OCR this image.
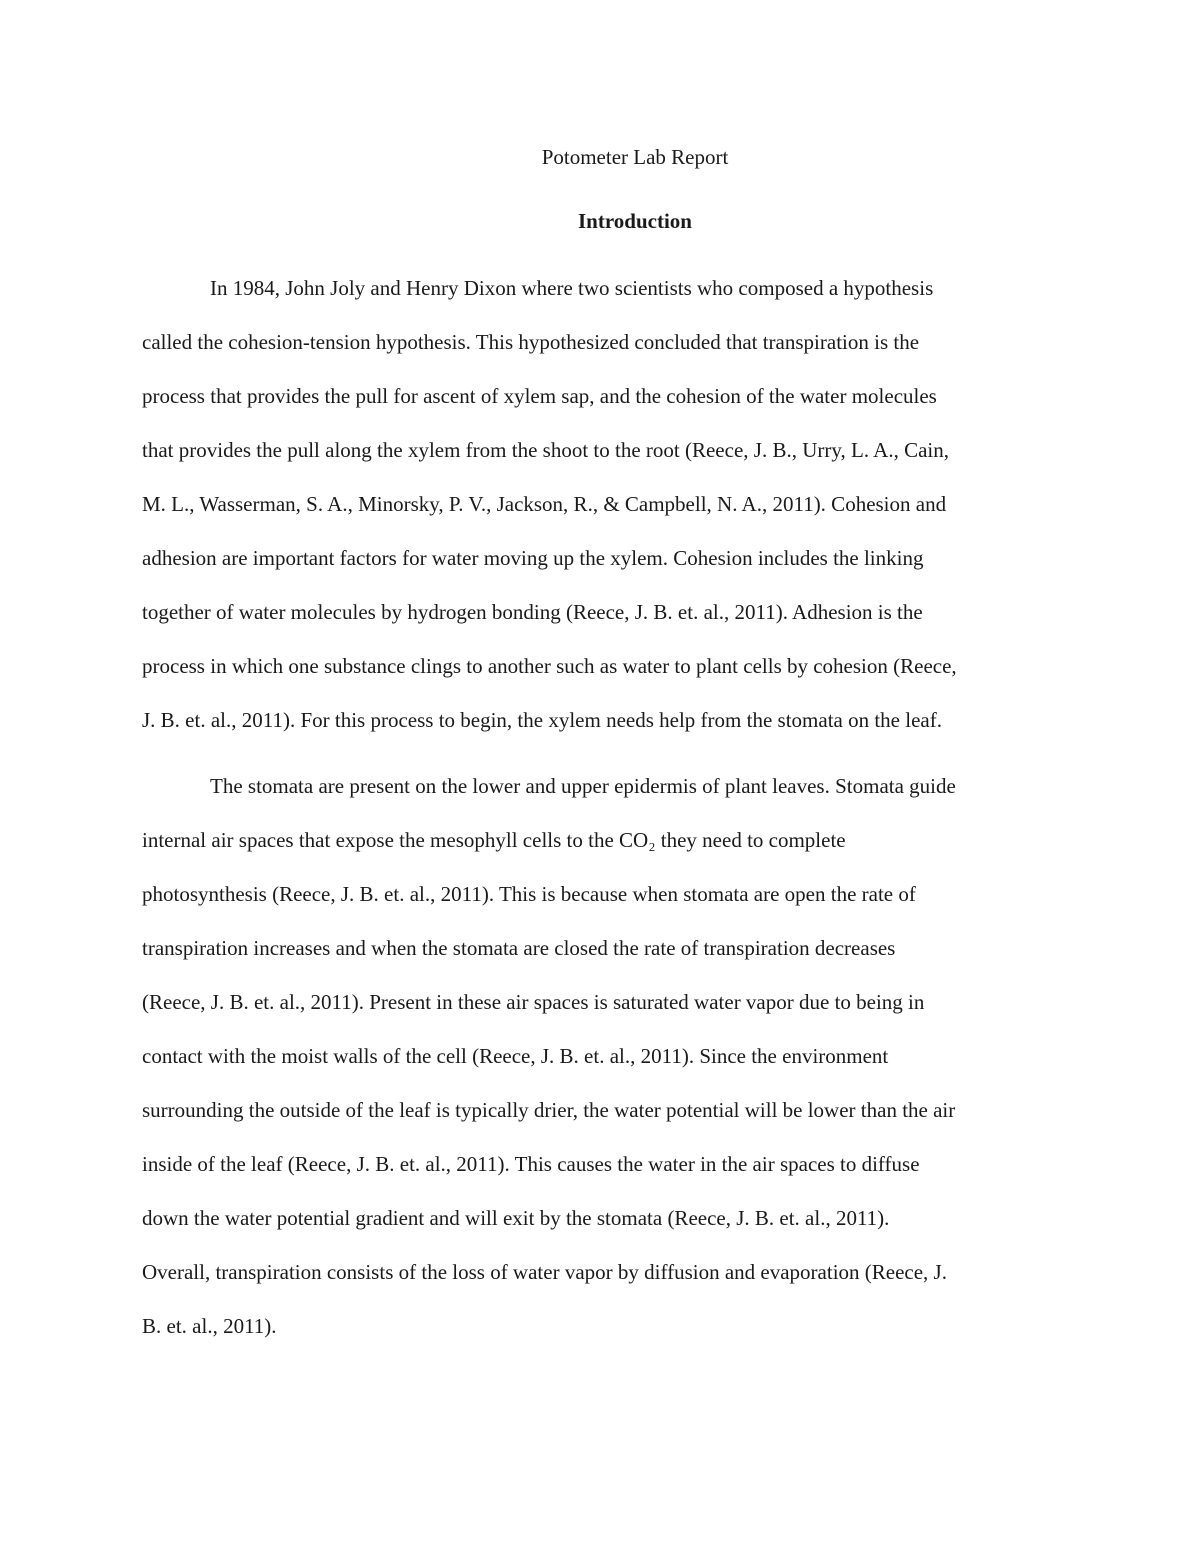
Potometer Lab Report
Introduction
In 1984, John Joly and Henry Dixon where two scientists who composed a hypothesis
called the cohesion-tension hypothesis. This hypothesized concluded that transpiration is the
process that provides the pull for ascent of xylem sap, and the cohesion of the water molecules
that provides the pull along the xylem from the shoot to the root (Reece, J. B., Urry, L. A., Cain,
M. L., Wasserman, S. A., Minorsky, P. V., Jackson, R., & Campbell, N. A., 2011). Cohesion and
adhesion are important factors for water moving up the xylem. Cohesion includes the linking
together of water molecules by hydrogen bonding (Reece, J. B. et. al., 2011). Adhesion is the
process in which one substance clings to another such as water to plant cells by cohesion (Reece,
J. B. et. al., 2011). For this process to begin, the xylem needs help from the stomata on the leaf.
The stomata are present on the lower and upper epidermis of plant leaves. Stomata guide
internal air spaces that expose the mesophyll cells to the CO₂ they need to complete
photosynthesis (Reece, J. B. et. al., 2011). This is because when stomata are open the rate of
transpiration increases and when the stomata are closed the rate of transpiration decreases
(Reece, J. B. et. al., 2011). Present in these air spaces is saturated water vapor due to being in
contact with the moist walls of the cell (Reece, J. B. et. al., 2011). Since the environment
surrounding the outside of the leaf is typically drier, the water potential will be lower than the air
inside of the leaf (Reece, J. B. et. al., 2011). This causes the water in the air spaces to diffuse
down the water potential gradient and will exit by the stomata (Reece, J. B. et. al., 2011).
Overall, transpiration consists of the loss of water vapor by diffusion and evaporation (Reece, J.
B. et. al., 2011).
